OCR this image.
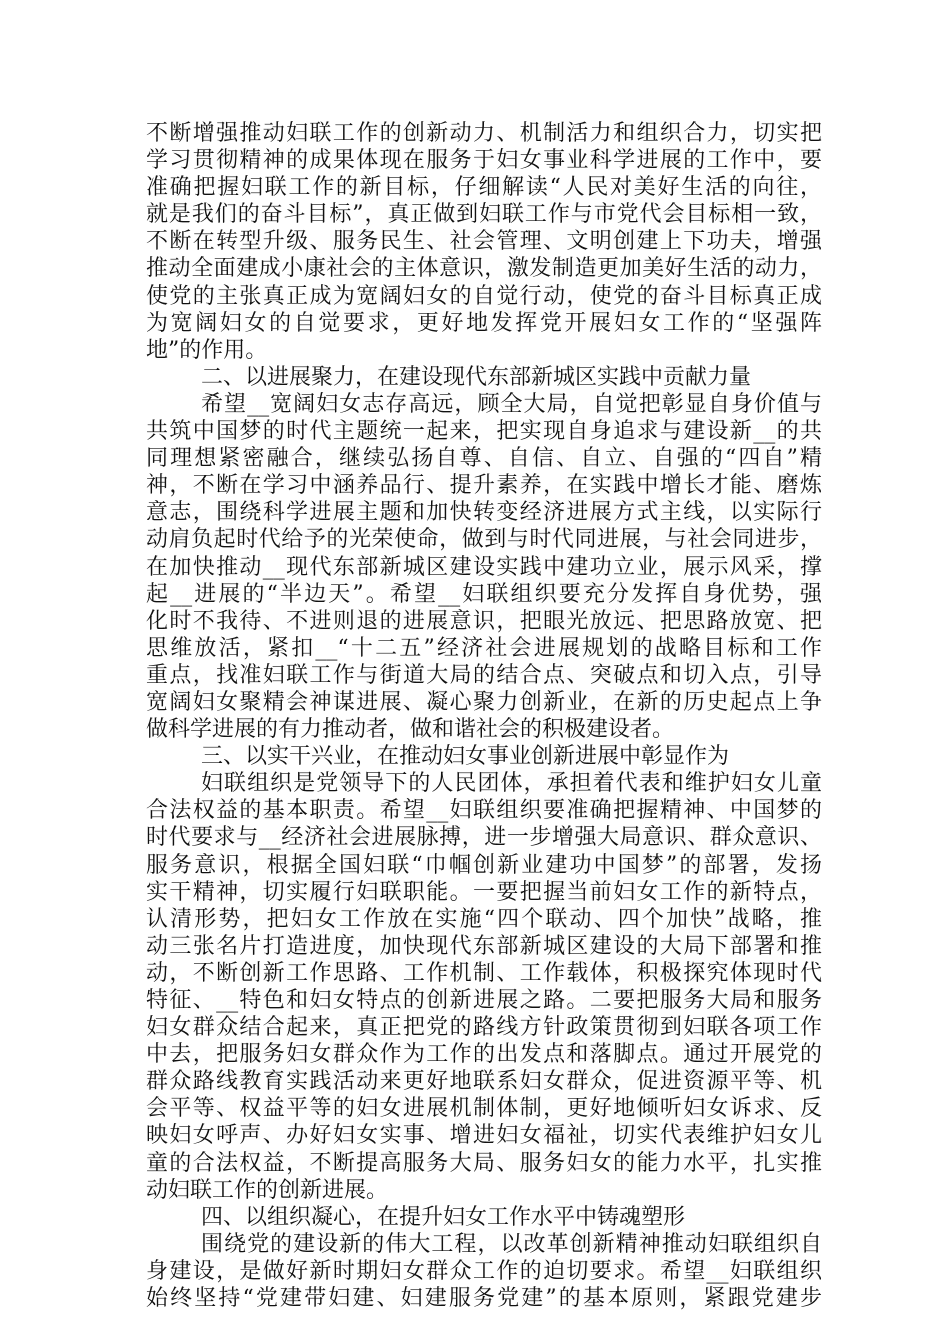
不断增强推动妇联工作的创新动力、机制活力和组织合力，切实把
学习贯彻精神的成果体现在服务于妇女事业科学进展的工作中，要
准确把握妇联工作的新目标，仔细解读“人民对美好生活的向往，
就是我们的奋斗目标”，真正做到妇联工作与市党代会目标相一致，
不断在转型升级、服务民生、社会管理、文明创建上下功夫，增强
推动全面建成小康社会的主体意识，激发制造更加美好生活的动力，
使党的主张真正成为宽阔妇女的自觉行动，使党的奋斗目标真正成
为宽阔妇女的自觉要求，更好地发挥党开展妇女工作的“坚强阵
地”的作用。
二、以进展聚力，在建设现代东部新城区实践中贡献力量
希望__宽阔妇女志存高远，顾全大局，自觉把彰显自身价值与
共筑中国梦的时代主题统一起来，把实现自身追求与建设新__的共
同理想紧密融合，继续弘扬自尊、自信、自立、自强的“四自”精
神，不断在学习中涵养品行、提升素养，在实践中增长才能、磨炼
意志，围绕科学进展主题和加快转变经济进展方式主线，以实际行
动肩负起时代给予的光荣使命，做到与时代同进展，与社会同进步，
在加快推动__现代东部新城区建设实践中建功立业，展示风采，撑
起__进展的“半边天”。希望__妇联组织要充分发挥自身优势，强
化时不我待、不进则退的进展意识，把眼光放远、把思路放宽、把
思维放活，紧扣__“十二五”经济社会进展规划的战略目标和工作
重点，找准妇联工作与街道大局的结合点、突破点和切入点，引导
宽阔妇女聚精会神谋进展、凝心聚力创新业，在新的历史起点上争
做科学进展的有力推动者，做和谐社会的积极建设者。
三、以实干兴业，在推动妇女事业创新进展中彰显作为
妇联组织是党领导下的人民团体，承担着代表和维护妇女儿童
合法权益的基本职责。希望__妇联组织要准确把握精神、中国梦的
时代要求与__经济社会进展脉搏，进一步增强大局意识、群众意识、
服务意识，根据全国妇联“巾帼创新业建功中国梦”的部署，发扬
实干精神，切实履行妇联职能。一要把握当前妇女工作的新特点，
认清形势，把妇女工作放在实施“四个联动、四个加快”战略，推
动三张名片打造进度，加快现代东部新城区建设的大局下部署和推
动，不断创新工作思路、工作机制、工作载体，积极探究体现时代
特征、__特色和妇女特点的创新进展之路。二要把服务大局和服务
妇女群众结合起来，真正把党的路线方针政策贯彻到妇联各项工作
中去，把服务妇女群众作为工作的出发点和落脚点。通过开展党的
群众路线教育实践活动来更好地联系妇女群众，促进资源平等、机
会平等、权益平等的妇女进展机制体制，更好地倾听妇女诉求、反
映妇女呼声、办好妇女实事、增进妇女福祉，切实代表维护妇女儿
童的合法权益，不断提高服务大局、服务妇女的能力水平，扎实推
动妇联工作的创新进展。
四、以组织凝心，在提升妇女工作水平中铸魂塑形
围绕党的建设新的伟大工程，以改革创新精神推动妇联组织自
身建设，是做好新时期妇女群众工作的迫切要求。希望__妇联组织
始终坚持“党建带妇建、妇建服务党建”的基本原则，紧跟党建步
